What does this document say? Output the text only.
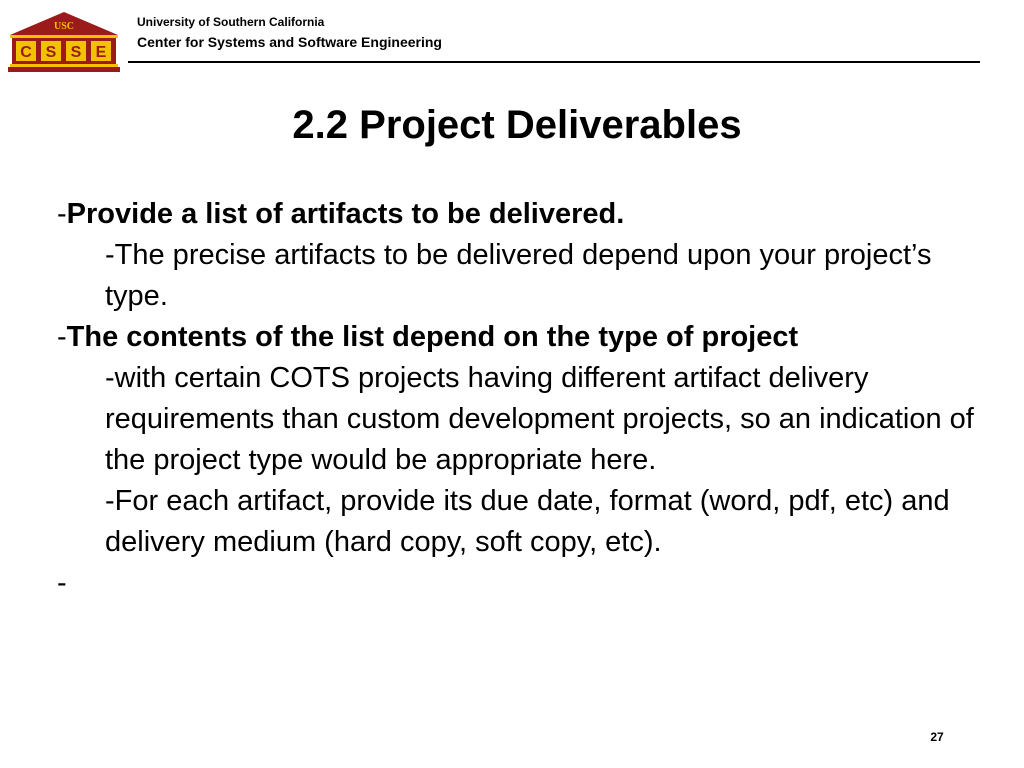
USC
C S S E
University of Southern California
Center for Systems and Software Engineering
2.2 Project Deliverables
-Provide a list of artifacts to be delivered.
-The precise artifacts to be delivered depend upon your project’s type.
-The contents of the list depend on the type of project
-with certain COTS projects having different artifact delivery requirements than custom development projects, so an indication of the project type would be appropriate here.
-For each artifact, provide its due date, format (word, pdf, etc) and delivery medium (hard copy, soft copy, etc).
-
27
